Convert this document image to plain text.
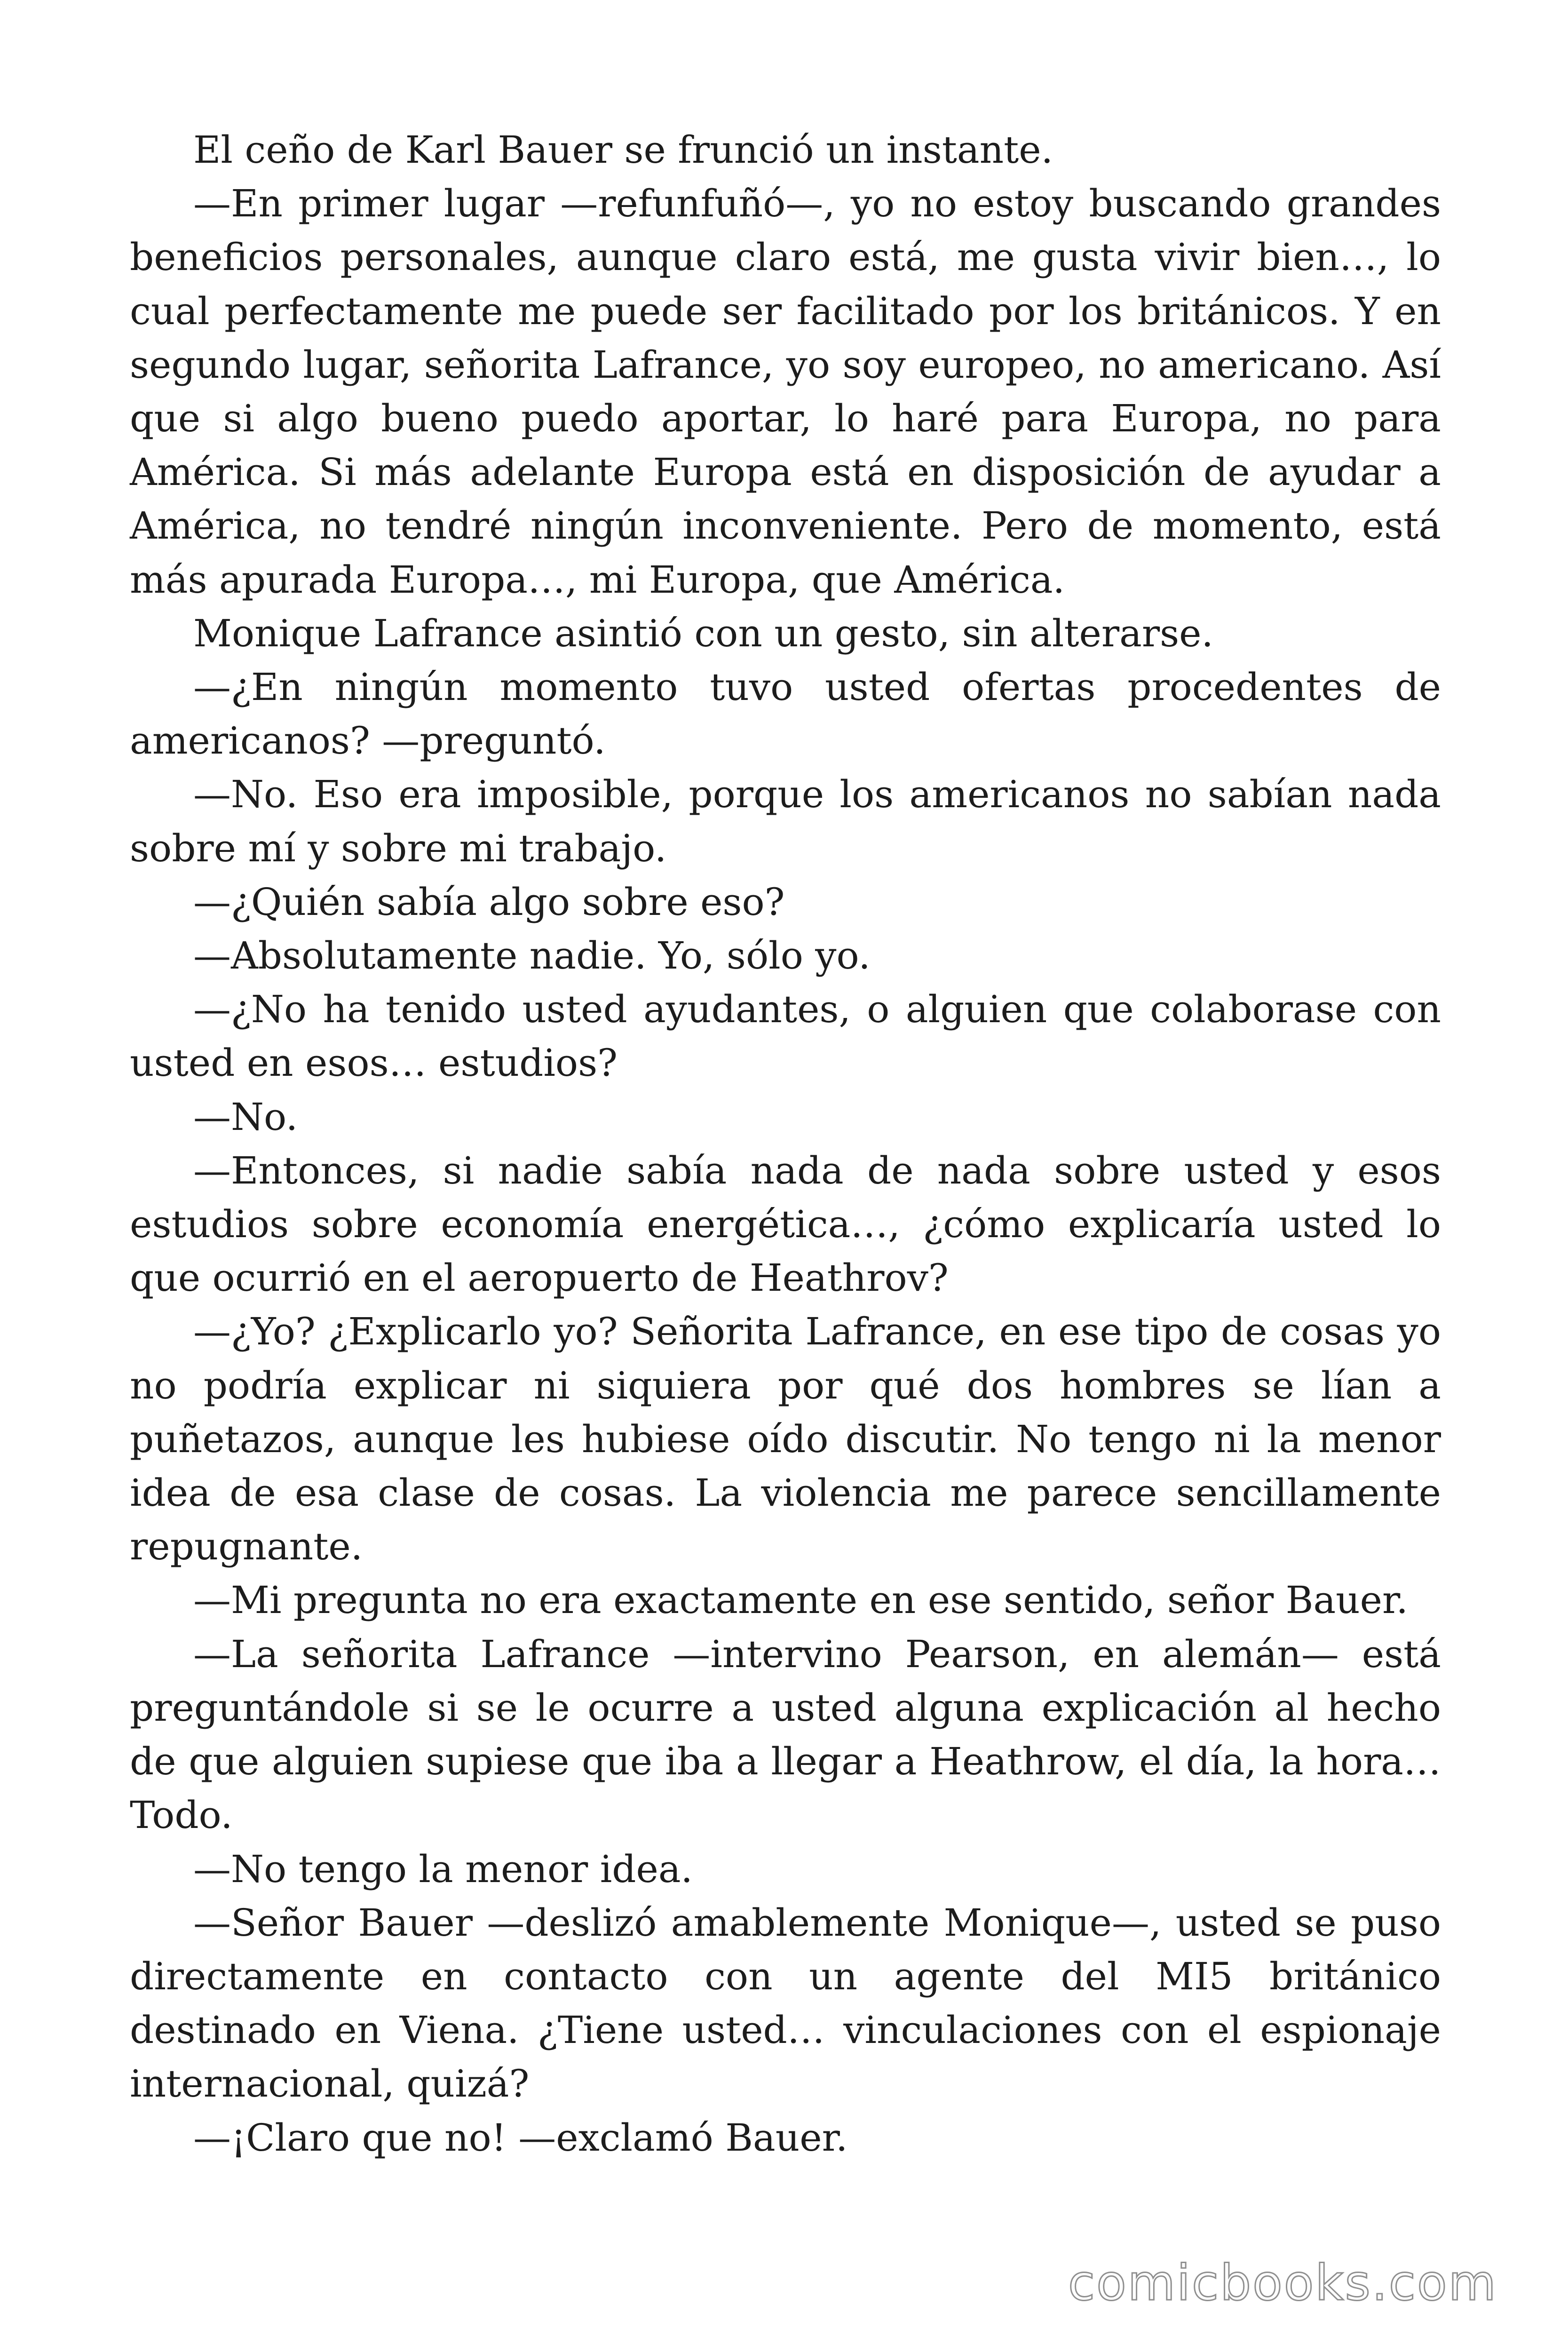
El ceño de Karl Bauer se frunció un instante.

—En primer lugar —refunfuñó—, yo no estoy buscando grandes beneficios personales, aunque claro está, me gusta vivir bien…, lo cual perfectamente me puede ser facilitado por los británicos. Y en segundo lugar, señorita Lafrance, yo soy europeo, no americano. Así que si algo bueno puedo aportar, lo haré para Europa, no para América. Si más adelante Europa está en disposición de ayudar a América, no tendré ningún inconveniente. Pero de momento, está más apurada Europa…, mi Europa, que América.

Monique Lafrance asintió con un gesto, sin alterarse.

—¿En ningún momento tuvo usted ofertas procedentes de americanos? —preguntó.

—No. Eso era imposible, porque los americanos no sabían nada sobre mí y sobre mi trabajo.

—¿Quién sabía algo sobre eso?

—Absolutamente nadie. Yo, sólo yo.

—¿No ha tenido usted ayudantes, o alguien que colaborase con usted en esos… estudios?

—No.

—Entonces, si nadie sabía nada de nada sobre usted y esos estudios sobre economía energética…, ¿cómo explicaría usted lo que ocurrió en el aeropuerto de Heathrov?

—¿Yo? ¿Explicarlo yo? Señorita Lafrance, en ese tipo de cosas yo no podría explicar ni siquiera por qué dos hombres se lían a puñetazos, aunque les hubiese oído discutir. No tengo ni la menor idea de esa clase de cosas. La violencia me parece sencillamente repugnante.

—Mi pregunta no era exactamente en ese sentido, señor Bauer.

—La señorita Lafrance —intervino Pearson, en alemán— está preguntándole si se le ocurre a usted alguna explicación al hecho de que alguien supiese que iba a llegar a Heathrow, el día, la hora… Todo.

—No tengo la menor idea.

—Señor Bauer —deslizó amablemente Monique—, usted se puso directamente en contacto con un agente del MI5 británico destinado en Viena. ¿Tiene usted… vinculaciones con el espionaje internacional, quizá?

—¡Claro que no! —exclamó Bauer.

comicbooks.com
